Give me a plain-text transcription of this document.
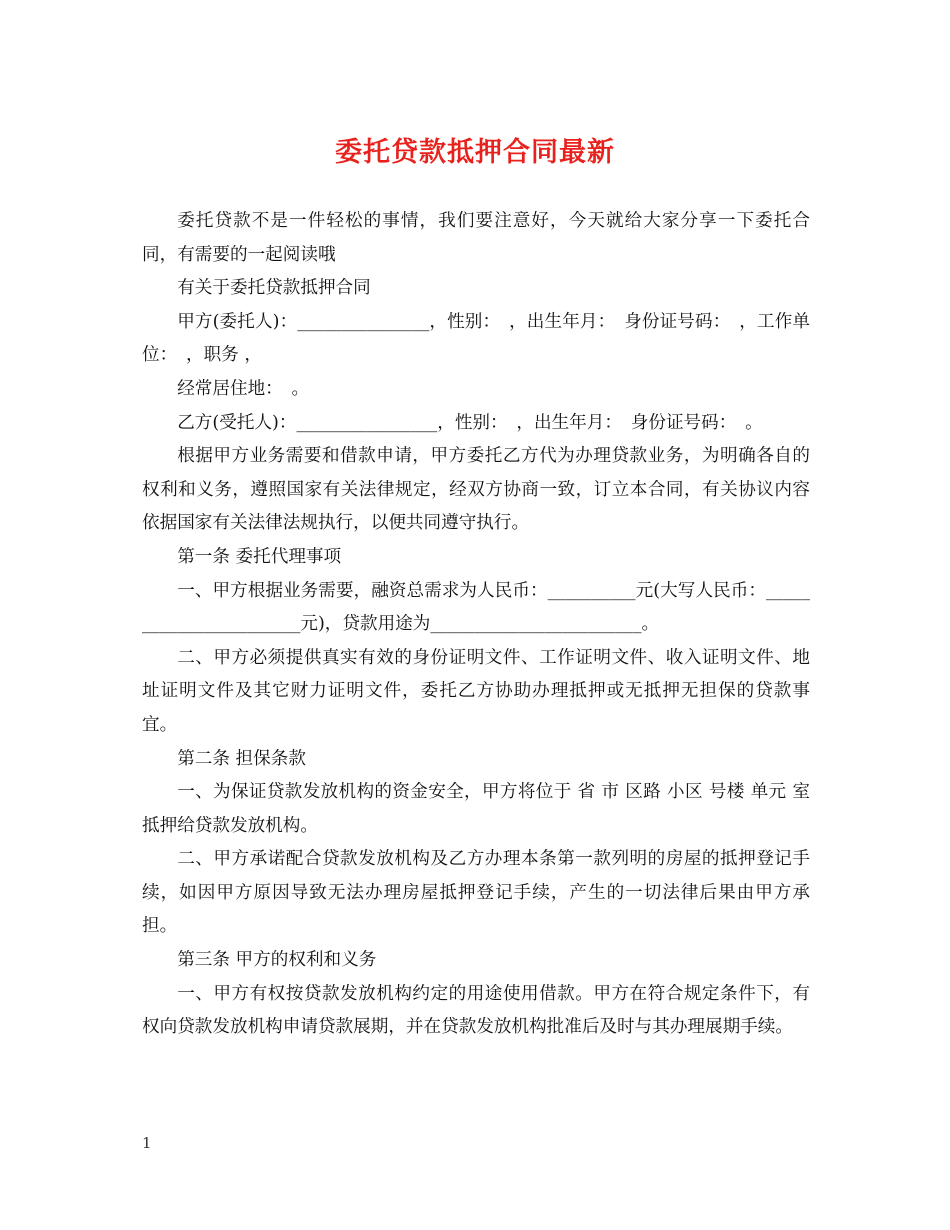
委托贷款抵押合同最新

委托贷款不是一件轻松的事情，我们要注意好，今天就给大家分享一下委托合同，有需要的一起阅读哦

有关于委托贷款抵押合同

甲方(委托人)：_______________，性别：　，出生年月：　身份证号码：　，工作单位：　，职务 ，

经常居住地：　。

乙方(受托人)：________________，性别：　，出生年月：　身份证号码：　。

根据甲方业务需要和借款申请，甲方委托乙方代为办理贷款业务，为明确各自的权利和义务，遵照国家有关法律规定，经双方协商一致，订立本合同，有关协议内容依据国家有关法律法规执行，以便共同遵守执行。

第一条 委托代理事项

一、甲方根据业务需要，融资总需求为人民币：__________元(大写人民币：_______________________元)，贷款用途为________________________。

二、甲方必须提供真实有效的身份证明文件、工作证明文件、收入证明文件、地址证明文件及其它财力证明文件，委托乙方协助办理抵押或无抵押无担保的贷款事宜。

第二条 担保条款

一、为保证贷款发放机构的资金安全，甲方将位于 省 市 区路 小区 号楼 单元 室抵押给贷款发放机构。

二、甲方承诺配合贷款发放机构及乙方办理本条第一款列明的房屋的抵押登记手续，如因甲方原因导致无法办理房屋抵押登记手续，产生的一切法律后果由甲方承担。

第三条 甲方的权利和义务

一、甲方有权按贷款发放机构约定的用途使用借款。甲方在符合规定条件下，有权向贷款发放机构申请贷款展期，并在贷款发放机构批准后及时与其办理展期手续。

1
